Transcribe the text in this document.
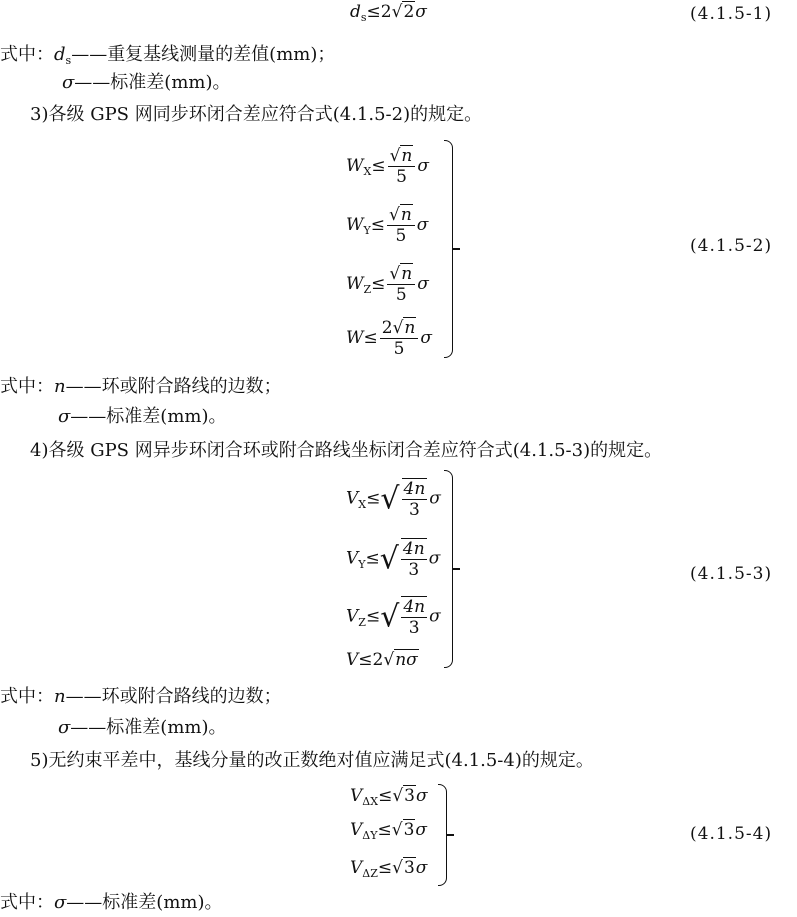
$d_s\le 2√2\sigma$	(4.1.5-1)
式中：$d_s——$重复基线测量的差值(mm)；
σ——标准差(mm)。
3)各级 GPS 网同步环闭合差应符合式(4.1.5-2)的规定。
$W_X\le \frac{√n}{5}$ σ
$W_Y\le \frac{√n}{5}$ σ
$W_Z\le \frac{√n}{5}$ σ
$W\le \frac{2√n}{5}$ σ
(4.1.5-2)
式中：n——环或附合路线的边数；
σ——标准差(mm)。
4)各级 GPS 网异步环闭合环或附合路线坐标闭合差应符合式(4.1.5-3)的规定。
$V_X\le√ \frac{4n}{3}$ σ
$V_Y\le√ \frac{4n}{3}$ σ
$V_Z\le√ \frac{4n}{3}$ σ
V≤2√nσ
(4.1.5-3)
式中：n——环或附合路线的边数；
σ——标准差(mm)。
5)无约束平差中，基线分量的改正数绝对值应满足式(4.1.5-4)的规定。
$V_{\Delta X}\le√3\sigma$
$V_{\Delta Y}\le√3\sigma$
$V_{\Delta Z}\le√3\sigma$
(4.1.5-4)
式中：σ——标准差(mm)。
